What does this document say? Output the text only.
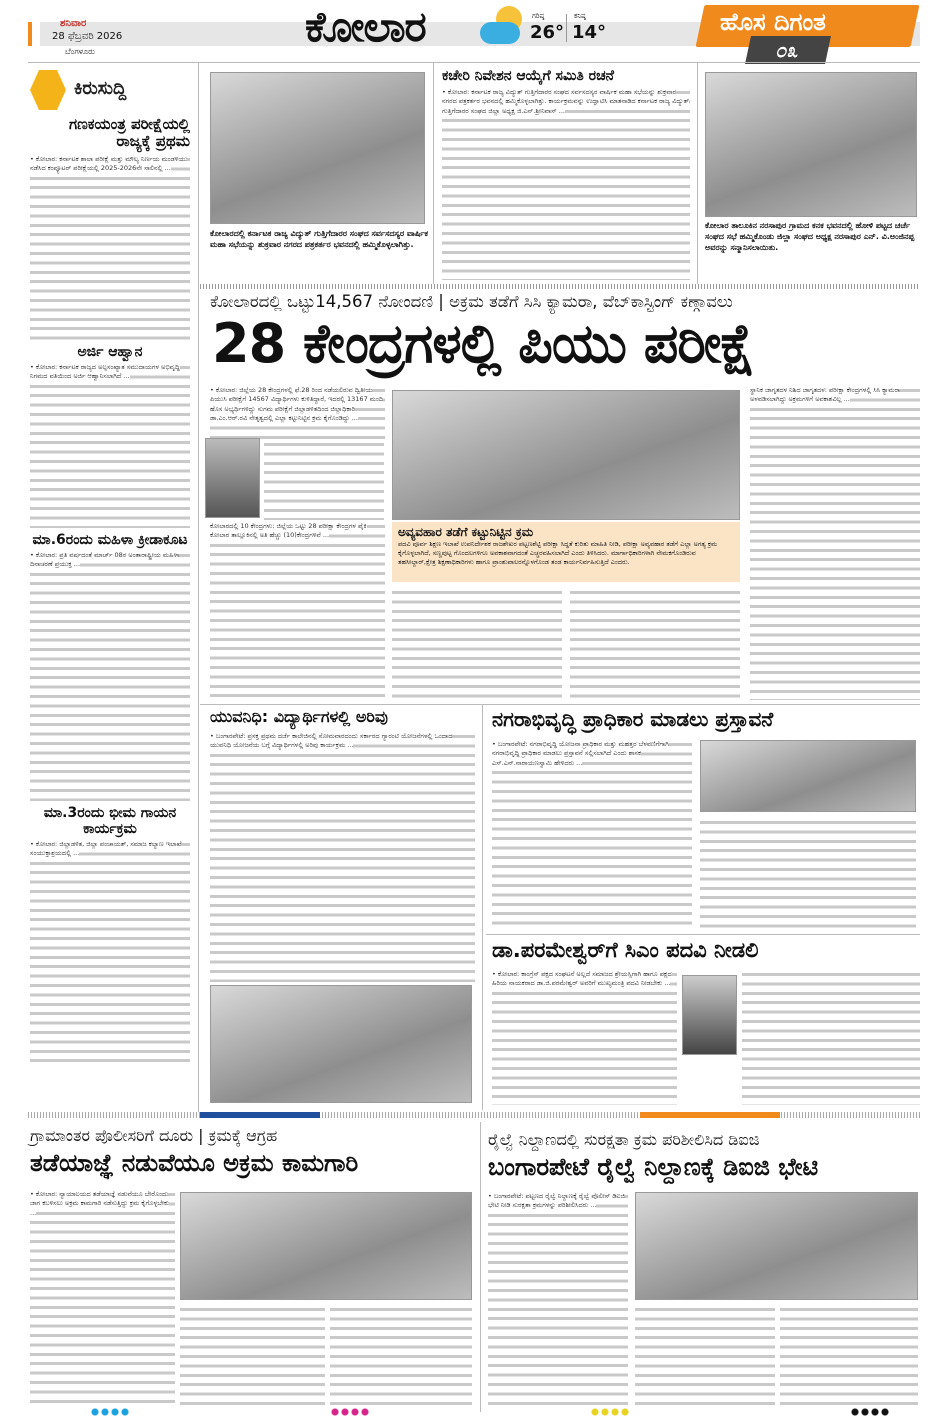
ಶನಿವಾರ
28 ಫೆಬ್ರವರಿ 2026
ಬೆಂಗಳೂರು
ಕೋಲಾರ	ಗರಿಷ್ಠ
26°
ಕನಿಷ್ಠ
14°	ಹೊಸ ದಿಗಂತ
೦೩
ಕಿರುಸುದ್ದಿ
ಗಣಕಯಂತ್ರ ಪರೀಕ್ಷೆಯಲ್ಲಿ ರಾಜ್ಯಕ್ಕೆ ಪ್ರಥಮ
• ಕೋಲಾರ: ಕರ್ನಾಟಕ ಶಾಲಾ ಪರೀಕ್ಷೆ ಮತ್ತು ಮೌಲ್ಯ ನಿರ್ಣಯ ಮಂಡಳಿಯು ನಡೆಸಿದ ಕಂಪ್ಯೂಟರ್ ಪರೀಕ್ಷೆಯಲ್ಲಿ 2025-2026ನೇ ಸಾಲಿನಲ್ಲಿ ...
ಅರ್ಜಿ ಆಹ್ವಾನ
• ಕೋಲಾರ: ಕರ್ನಾಟಕ ರಾಜ್ಯದ ಅಲ್ಪಸಂಖ್ಯಾತ ಸಮುದಾಯಗಳ ಅಭಿವೃದ್ಧಿ ನಿಗಮದ ವತಿಯಿಂದ ಅರ್ಜಿ ಆಹ್ವಾನಿಸಲಾಗಿದೆ ...
ಮಾ.6ರಂದು ಮಹಿಳಾ ಕ್ರೀಡಾಕೂಟ
• ಕೋಲಾರ: ಪ್ರತಿ ವರ್ಷದಂತೆ ಮಾರ್ಚ್ 08ರ ಅಂತಾರಾಷ್ಟ್ರೀಯ ಮಹಿಳಾ ದಿನಾಚರಣೆ ಪ್ರಯುಕ್ತ ...
ಮಾ.3ರಂದು ಭೀಮ ಗಾಯನ ಕಾರ್ಯಕ್ರಮ
• ಕೋಲಾರ: ಜಿಲ್ಲಾಡಳಿತ, ಜಿಲ್ಲಾ ಪಂಚಾಯತ್, ಸಮಾಜ ಕಲ್ಯಾಣ ಇಲಾಖೆ ಸಂಯುಕ್ತಾಶ್ರಯದಲ್ಲಿ ...
ಕೋಲಾರದಲ್ಲಿ ಕರ್ನಾಟಕ ರಾಜ್ಯ ವಿದ್ಯುತ್ ಗುತ್ತಿಗೆದಾರರ ಸಂಘದ ಸರ್ವಸದಸ್ಯರ ವಾರ್ಷಿಕ ಮಹಾ ಸಭೆಯನ್ನು ಶುಕ್ರವಾರ ನಗರದ ಪತ್ರಕರ್ತರ ಭವನದಲ್ಲಿ ಹಮ್ಮಿಕೊಳ್ಳಲಾಗಿತ್ತು.
ಕಚೇರಿ ನಿವೇಶನ ಆಯ್ಕೆಗೆ ಸಮಿತಿ ರಚನೆ
• ಕೋಲಾರ: ಕರ್ನಾಟಕ ರಾಜ್ಯ ವಿದ್ಯುತ್ ಗುತ್ತಿಗೆದಾರರ ಸಂಘದ ಸರ್ವಸದಸ್ಯರ ವಾರ್ಷಿಕ ಮಹಾ ಸಭೆಯನ್ನು ಶುಕ್ರವಾರ ನಗರದ ಪತ್ರಕರ್ತರ ಭವನದಲ್ಲಿ ಹಮ್ಮಿಕೊಳ್ಳಲಾಗಿತ್ತು. ಕಾರ್ಯಕ್ರಮವನ್ನು ಉದ್ಘಾಟಿಸಿ ಮಾತನಾಡಿದ ಕರ್ನಾಟಕ ರಾಜ್ಯ ವಿದ್ಯುತ್ ಗುತ್ತಿಗೆದಾರರ ಸಂಘದ ಜಿಲ್ಲಾ ಅಧ್ಯಕ್ಷ ಜಿ.ಎನ್.ಶ್ರೀನಿವಾಸ್ ...
ಕೋಲಾರ ತಾಲೂಕಿನ ನರಸಾಪುರ ಗ್ರಾಮದ ಕನಕ ಭವನದಲ್ಲಿ ಹೋಳಿ ಪಟ್ಟದ ಚರ್ಚೆ ಸಂಘದ ಸಭೆ ಹಮ್ಮಿಕೊಂಡು ಜಿಲ್ಲಾ ಸಂಘದ ಅಧ್ಯಕ್ಷ ನರಸಾಪುರ ಎನ್. ವಿ.ಅಂಜಿನಪ್ಪ ಅವರನ್ನು ಸನ್ಮಾನಿಸಲಾಯಿತು.
ಕೋಲಾರದಲ್ಲಿ ಒಟ್ಟು14,567 ನೋಂದಣಿ | ಅಕ್ರಮ ತಡೆಗೆ ಸಿಸಿ ಕ್ಯಾಮರಾ, ವೆಬ್‌ಕಾಸ್ಟಿಂಗ್ ಕಣ್ಗಾವಲು
28 ಕೇಂದ್ರಗಳಲ್ಲಿ ಪಿಯು ಪರೀಕ್ಷೆ
• ಕೋಲಾರ: ಜಿಲ್ಲೆಯ 28 ಕೇಂದ್ರಗಳಲ್ಲಿ ಫೆ.28 ರಿಂದ ನಡೆಯಲಿರುವ ದ್ವಿತೀಯ ಪಿಯುಸಿ ಪರೀಕ್ಷೆಗೆ 14567 ವಿದ್ಯಾರ್ಥಿಗಳು ಕುಳಿತಿದ್ದಾರೆ, ಇದರಲ್ಲಿ 13167 ಮಂದಿ ಹೊಸ ಅಭ್ಯರ್ಥಿಗಳಿದ್ದು ಸುಗಮ ಪರೀಕ್ಷೆಗೆ ಜಿಲ್ಲಾಡಳಿತದಿಂದ ಜಿಲ್ಲಾಧಿಕಾರಿ ಡಾ.ಎಂ.ಆರ್.ರವಿ ನೇತೃತ್ವದಲ್ಲಿ ಎಲ್ಲಾ ಕಟ್ಟುನಿಟ್ಟಿನ ಕ್ರಮ ಕೈಗೊಂಡಿದ್ದು ...
ಕೋಲಾರದಲ್ಲಿ 10 ಕೇಂದ್ರಗಳು: ಜಿಲ್ಲೆಯ ಒಟ್ಟು 28 ಪರೀಕ್ಷಾ ಕೇಂದ್ರಗಳ ಪೈಕಿ ಕೋಲಾರ ತಾಲ್ಲೂಕಿನಲ್ಲಿ ಅತಿ ಹೆಚ್ಚು (10)ಕೇಂದ್ರಗಳಿವೆ ...	ಅವ್ಯವಹಾರ ತಡೆಗೆ ಕಟ್ಟುನಿಟ್ಟಿನ ಕ್ರಮ
ಪದವಿ ಪೂರ್ವ ಶಿಕ್ಷಣ ಇಲಾಖೆ ಉಪನಿರ್ದೇಶಕ ರಾಜಶೇಖರ ಪಟ್ಟಣಶೆಟ್ಟಿ ಪರೀಕ್ಷಾ ಸಿದ್ಧತೆ ಕುರಿತು ಮಾಹಿತಿ ನೀಡಿ, ಪರೀಕ್ಷಾ ಅವ್ಯವಹಾರ ತಡೆಗೆ ಎಲ್ಲಾ ಅಗತ್ಯ ಕ್ರಮ ಕೈಗೊಳ್ಳಲಾಗಿದೆ, ಸಣ್ಣಪುಟ್ಟ ಗೊಂದಲಗಳಿಗೂ ಅವಕಾಶವಾಗದಂತೆ ಎಚ್ಚರವಹಿಸಲಾಗಿದೆ ಎಂದು ತಿಳಿಸಿದರು. ಮಾರ್ಗಾಧಿಕಾರಿಗಳಾಗಿ ನೇಮಕಗೊಂಡಿರುವ ತಹಸೀಲ್ದಾರ್,ಕ್ಷೇತ್ರ ಶಿಕ್ಷಣಾಧಿಕಾರಿಗಳು ಹಾಗೂ ಪ್ರಾಂಶುಪಾಲರನ್ನೊಳಗೊಂಡ ತಂಡ ಕಾರ್ಯನಿರ್ವಹಿಸುತ್ತಿದೆ ಎಂದರು.
ಸ್ಥಾನಿಕ ಜಾಗೃತದಳ ನಿಶಿದ ಜಾಗೃತದಳ: ಪರೀಕ್ಷಾ ಕೇಂದ್ರಗಳಲ್ಲಿ ಸಿಸಿ ಕ್ಯಾಮರಾ ಅಳವಡಿಸಲಾಗಿದ್ದು ಅಕ್ರಮಗಳಿಗೆ ಅವಕಾಶವಿಲ್ಲ ...
ಯುವನಿಧಿ: ವಿದ್ಯಾರ್ಥಿಗಳಲ್ಲಿ ಅರಿವು
• ಬಂಗಾರಪೇಟೆ: ಪ್ರಸಕ್ತ ಪ್ರಥಮ ದರ್ಜೆ ಕಾಲೇಜಿನಲ್ಲಿ ಸೋಮವಾರದಂದು ಸರ್ಕಾರದ ಗ್ಯಾರಂಟಿ ಯೋಜನೆಗಳಲ್ಲಿ ಒಂದಾದ ಯುವನಿಧಿ ಯೋಜನೆಯ ಬಗ್ಗೆ ವಿದ್ಯಾರ್ಥಿಗಳಲ್ಲಿ ಅರಿವು ಕಾರ್ಯಕ್ರಮ ...
ನಗರಾಭಿವೃದ್ಧಿ ಪ್ರಾಧಿಕಾರ ಮಾಡಲು ಪ್ರಸ್ತಾವನೆ
• ಬಂಗಾರಪೇಟೆ: ನಗರಾಭಿವೃದ್ಧಿ ಯೋಜನಾ ಪ್ರಾಧಿಕಾರ ಮತ್ತು ಮಹತ್ತರ ಬೆಳವಣಿಗೆಗಾಗಿ ನಗರಾಭಿವೃದ್ಧಿ ಪ್ರಾಧಿಕಾರ ಮಾಡಲು ಪ್ರಸ್ತಾವನೆ ಸಲ್ಲಿಸಲಾಗಿದೆ ಎಂದು ಶಾಸಕ ಎಸ್.ಎನ್.ನಾರಾಯಣಸ್ವಾಮಿ ಹೇಳಿದರು ...
ಡಾ.ಪರಮೇಶ್ವರ್‌ಗೆ ಸಿಎಂ ಪದವಿ ನೀಡಲಿ
• ಕೋಲಾರ: ಕಾಂಗ್ರೆಸ್ ಪಕ್ಷದ ಸಂಘಟನೆ ಅಲ್ಲದೆ ಸಮಾಜದ ಶ್ರೇಯಸ್ಸಿಗಾಗಿ ಹಾಗೂ ಪಕ್ಷದ ಹಿರಿಯ ನಾಯಕರಾದ ಡಾ.ಜಿ.ಪರಮೇಶ್ವರ್ ಅವರಿಗೆ ಮುಖ್ಯಮಂತ್ರಿ ಪದವಿ ನೀಡಬೇಕು ...
ಗ್ರಾಮಾಂತರ ಪೊಲೀಸರಿಗೆ ದೂರು | ಕ್ರಮಕ್ಕೆ ಆಗ್ರಹ
ತಡೆಯಾಜ್ಞೆ ನಡುವೆಯೂ ಅಕ್ರಮ ಕಾಮಗಾರಿ
• ಕೋಲಾರ: ನ್ಯಾಯಾಲಯದ ತಡೆಯಾಜ್ಞೆ ನಡುವೆಯೂ ಬೇರೊಂದು ಜಾಗ ಕಬಳಿಸಲು ಅಕ್ರಮ ಕಾಮಗಾರಿ ನಡೆಸುತ್ತಿದ್ದು ಕ್ರಮ ಕೈಗೊಳ್ಳಬೇಕು ...
ರೈಲ್ವೆ ನಿಲ್ದಾಣದಲ್ಲಿ ಸುರಕ್ಷತಾ ಕ್ರಮ ಪರಿಶೀಲಿಸಿದ ಡಿಐಜಿ
ಬಂಗಾರಪೇಟೆ ರೈಲ್ವೆ ನಿಲ್ದಾಣಕ್ಕೆ ಡಿಐಜಿ ಭೇಟಿ
• ಬಂಗಾರಪೇಟೆ: ಪಟ್ಟಣದ ರೈಲ್ವೆ ನಿಲ್ದಾಣಕ್ಕೆ ರೈಲ್ವೆ ಪೊಲೀಸ್ ಡಿಐಜಿ ಭೇಟಿ ನೀಡಿ ಸುರಕ್ಷತಾ ಕ್ರಮಗಳನ್ನು ಪರಿಶೀಲಿಸಿದರು ...
